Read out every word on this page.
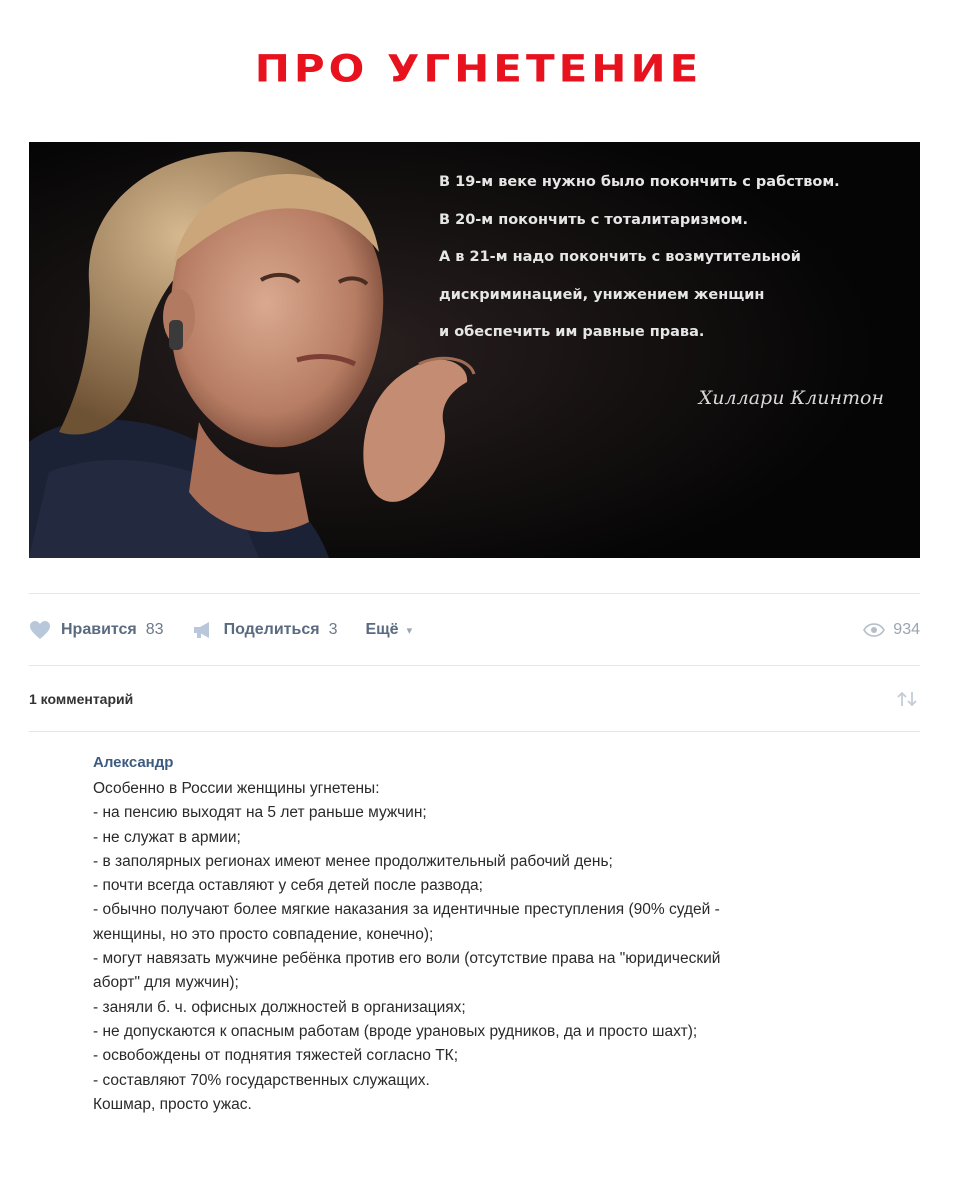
ПРО УГНЕТЕНИЕ
В 19-м веке нужно было покончить с рабством.
В 20-м покончить с тоталитаризмом.
А в 21-м надо покончить с возмутительной
дискриминацией, унижением женщин
и обеспечить им равные права.
Хиллари Клинтон
Нравится 83	Поделиться 3 Ещё ▾	934
1 комментарий
Александр
Особенно в России женщины угнетены:
- на пенсию выходят на 5 лет раньше мужчин;
- не служат в армии;
- в заполярных регионах имеют менее продолжительный рабочий день;
- почти всегда оставляют у себя детей после развода;
- обычно получают более мягкие наказания за идентичные преступления (90% судей -
женщины, но это просто совпадение, конечно);
- могут навязать мужчине ребёнка против его воли (отсутствие права на "юридический
аборт" для мужчин);
- заняли б. ч. офисных должностей в организациях;
- не допускаются к опасным работам (вроде урановых рудников, да и просто шахт);
- освобождены от поднятия тяжестей согласно ТК;
- составляют 70% государственных служащих.
Кошмар, просто ужас.
